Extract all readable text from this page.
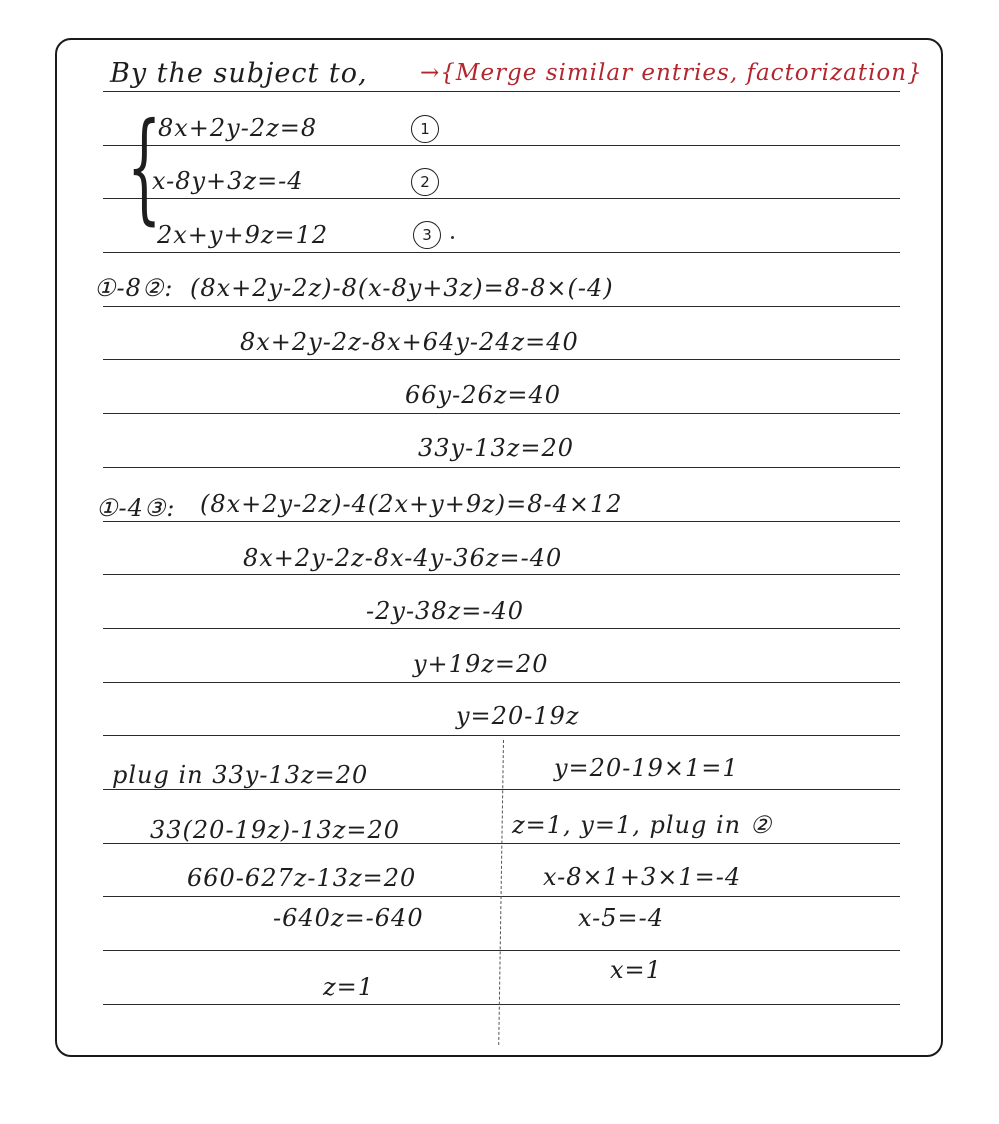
By the subject to, →{Merge similar entries, factorization}
{
8x+2y-2z=8
x-8y+3z=-4
2x+y+9z=12
1
2
3
①-8②: (8x+2y-2z)-8(x-8y+3z)=8-8×(-4)
8x+2y-2z-8x+64y-24z=40
66y-26z=40
33y-13z=20
①-4③: (8x+2y-2z)-4(2x+y+9z)=8-4×12
8x+2y-2z-8x-4y-36z=-40
-2y-38z=-40
y+19z=20
y=20-19z
plug in 33y-13z=20
33(20-19z)-13z=20
660-627z-13z=20
-640z=-640
z=1
y=20-19×1=1
z=1, y=1, plug in ②
x-8×1+3×1=-4
x-5=-4
x=1
